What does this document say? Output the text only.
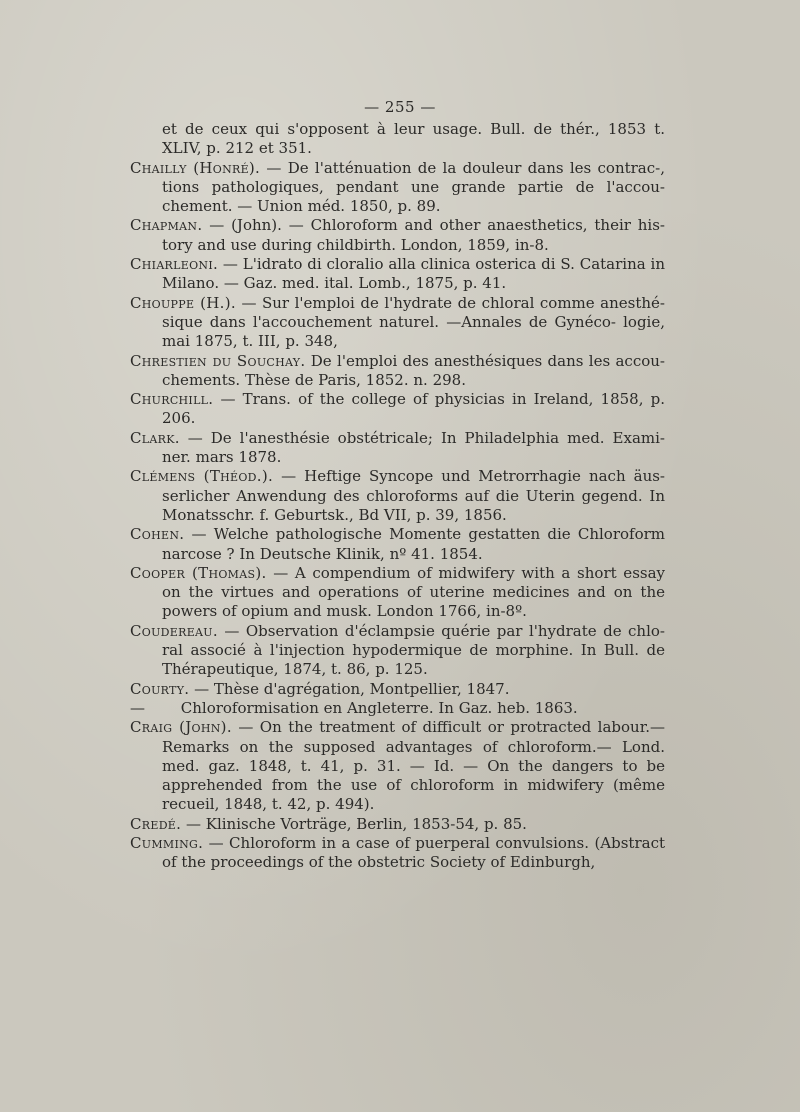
— 255 —

et de ceux qui s'opposent à leur usage. Bull. de thér., 1853 t. XLIV, p. 212 et 351.

Chailly (Honré). — De l'atténuation de la douleur dans les contrac-, tions pathologiques, pendant une grande partie de l'accou- chement. — Union méd. 1850, p. 89.

Chapman. — (John). — Chloroform and other anaesthetics, their his- tory and use during childbirth. London, 1859, in-8.

Chiarleoni. — L'idrato di cloralio alla clinica osterica di S. Catarina in Milano. — Gaz. med. ital. Lomb., 1875, p. 41.

Chouppe (H.). — Sur l'emploi de l'hydrate de chloral comme anesthé- sique dans l'accouchement naturel. —Annales de Gynéco- logie, mai 1875, t. III, p. 348,

Chrestien du Souchay. De l'emploi des anesthésiques dans les accou- chements. Thèse de Paris, 1852. n. 298.

Churchill. — Trans. of the college of physicias in Ireland, 1858, p. 206.

Clark. — De l'anesthésie obstétricale; In Philadelphia med. Exami- ner. mars 1878.

Clémens (Théod.). — Heftige Syncope und Metrorrhagie nach äus- serlicher Anwendung des chloroforms auf die Uterin gegend. In Monatsschr. f. Geburtsk., Bd VII, p. 39, 1856.

Cohen. — Welche pathologische Momente gestatten die Chloroform narcose ? In Deutsche Klinik, nº 41. 1854.

Cooper (Thomas). — A compendium of midwifery with a short essay on the virtues and operations of uterine medicines and on the powers of opium and musk. London 1766, in-8º.

Coudereau. — Observation d'éclampsie quérie par l'hydrate de chlo- ral associé à l'injection hypodermique de morphine. In Bull. de Thérapeutique, 1874, t. 86, p. 125.

Courty. — Thèse d'agrégation, Montpellier, 1847.

— Chloroformisation en Angleterre. In Gaz. heb. 1863.

Craig (John). — On the treatment of difficult or protracted labour.— Remarks on the supposed advantages of chloroform.— Lond. med. gaz. 1848, t. 41, p. 31. — Id. — On the dangers to be apprehended from the use of chloroform in midwifery (même recueil, 1848, t. 42, p. 494).

Credé. — Klinische Vorträge, Berlin, 1853-54, p. 85.

Cumming. — Chloroform in a case of puerperal convulsions. (Abstract of the proceedings of the obstetric Society of Edinburgh,
